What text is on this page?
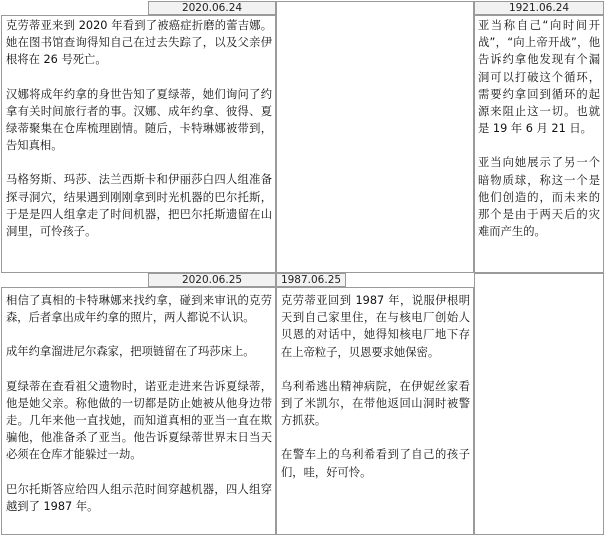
2020.06.24	1921.06.24
2020.06.25	1987.06.25

克劳蒂亚来到 2020 年看到了被癌症折磨的蕾吉娜。她在图书馆查询得知自己在过去失踪了，以及父亲伊根将在 26 号死亡。

汉娜将成年约拿的身世告知了夏绿蒂，她们询问了约拿有关时间旅行者的事。汉娜、成年约拿、彼得、夏绿蒂聚集在仓库梳理剧情。随后，卡特琳娜被带到，告知真相。

马格努斯、玛莎、法兰西斯卡和伊丽莎白四人组准备探寻洞穴，结果遇到刚刚拿到时光机器的巴尔托斯，于是是四人组拿走了时间机器，把巴尔托斯遗留在山洞里，可怜孩子。

亚当称自己“向时间开战”，“向上帝开战”，他告诉约拿他发现有个漏洞可以打破这个循环，需要约拿回到循环的起源来阻止这一切。也就是 19 年 6 月 21 日。

亚当向她展示了另一个暗物质球，称这一个是他们创造的，而未来的那个是由于两天后的灾难而产生的。

相信了真相的卡特琳娜来找约拿，碰到来审讯的克劳森，后者拿出成年约拿的照片，两人都说不认识。

成年约拿溜进尼尔森家，把项链留在了玛莎床上。

夏绿蒂在查看祖父遗物时，诺亚走进来告诉夏绿蒂，他是她父亲。称他做的一切都是防止她被从他身边带走。几年来他一直找她，而知道真相的亚当一直在欺骗他，他准备杀了亚当。他告诉夏绿蒂世界末日当天必须在仓库才能躲过一劫。

巴尔托斯答应给四人组示范时间穿越机器，四人组穿越到了 1987 年。

克劳蒂亚回到 1987 年，说服伊根明天到自己家里住，在与核电厂创始人贝恩的对话中，她得知核电厂地下存在上帝粒子，贝恩要求她保密。

乌利希逃出精神病院，在伊妮丝家看到了米凯尔，在带他返回山洞时被警方抓获。

在警车上的乌利希看到了自己的孩子们，哇，好可怜。
